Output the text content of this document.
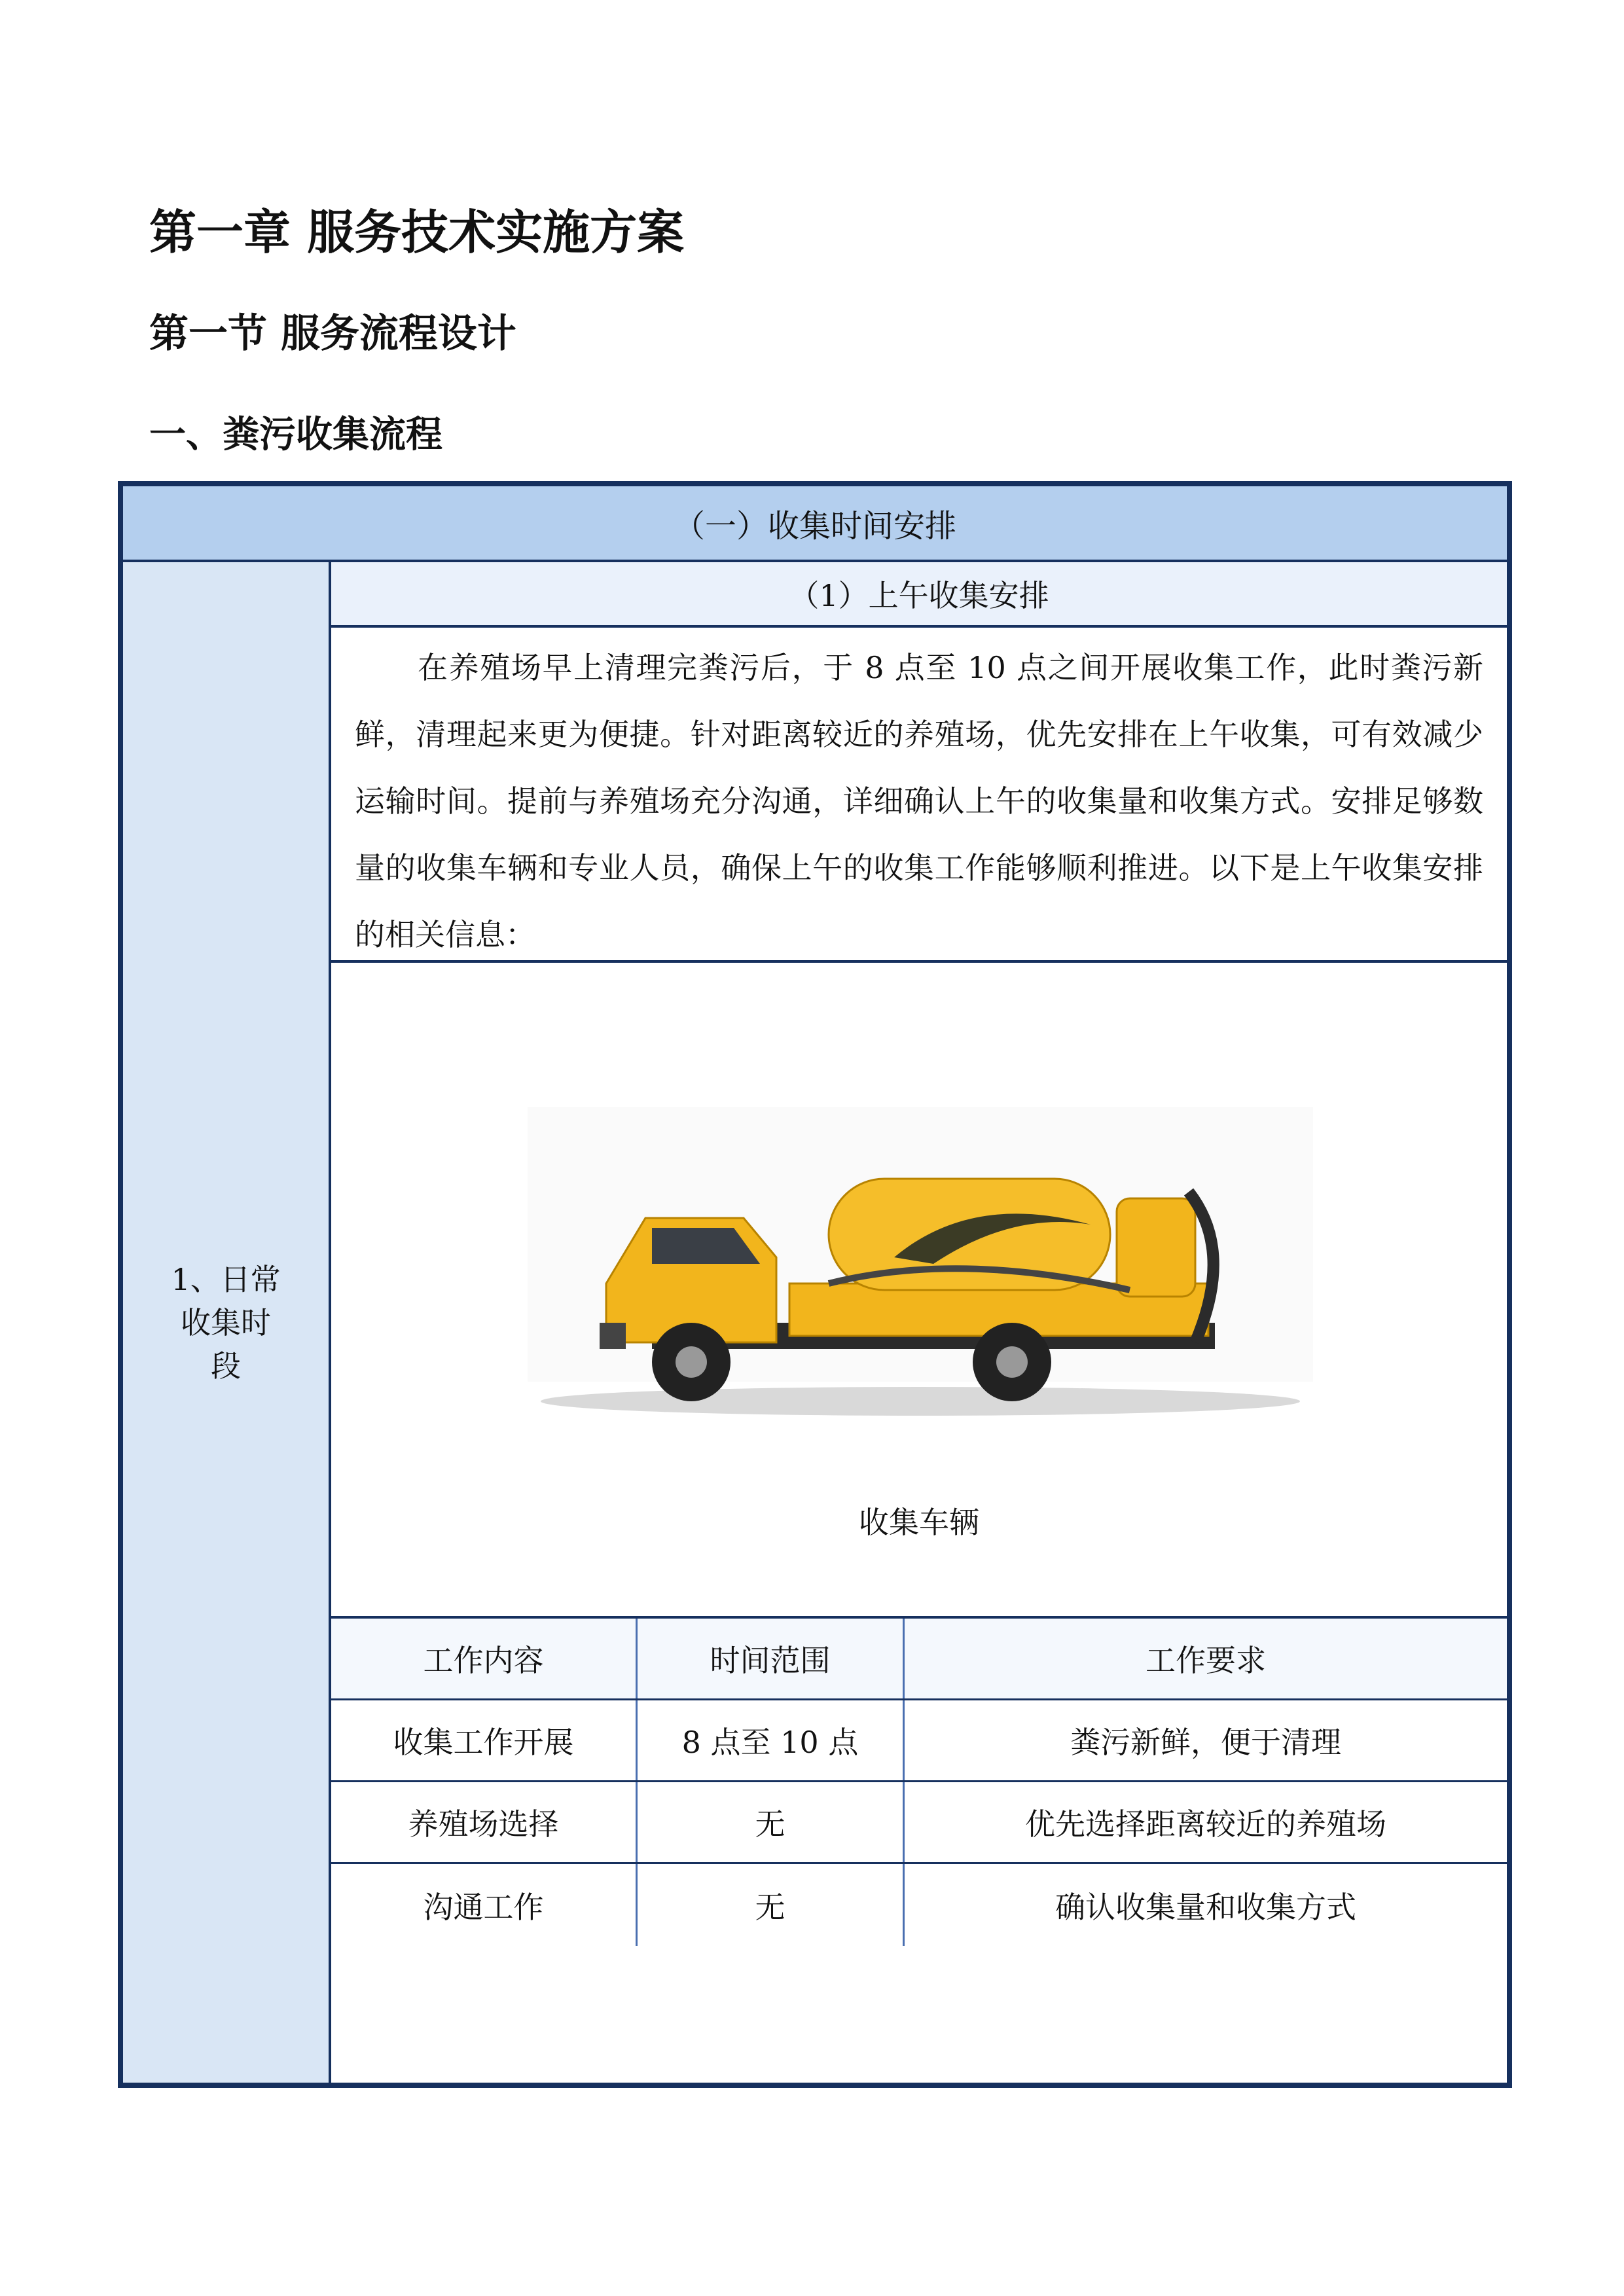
第一章 服务技术实施方案
第一节 服务流程设计
一、粪污收集流程
（一）收集时间安排
1、日常收集时段
（1）上午收集安排

在养殖场早上清理完粪污后，于 8 点至 10 点之间开展收集工作，此时粪污新鲜，清理起来更为便捷。针对距离较近的养殖场，优先安排在上午收集，可有效减少运输时间。提前与养殖场充分沟通，详细确认上午的收集量和收集方式。安排足够数量的收集车辆和专业人员，确保上午的收集工作能够顺利推进。以下是上午收集安排的相关信息：

收集车辆
工作内容	时间范围	工作要求
收集工作开展	8 点至 10 点	粪污新鲜，便于清理
养殖场选择	无	优先选择距离较近的养殖场
沟通工作	无	确认收集量和收集方式
